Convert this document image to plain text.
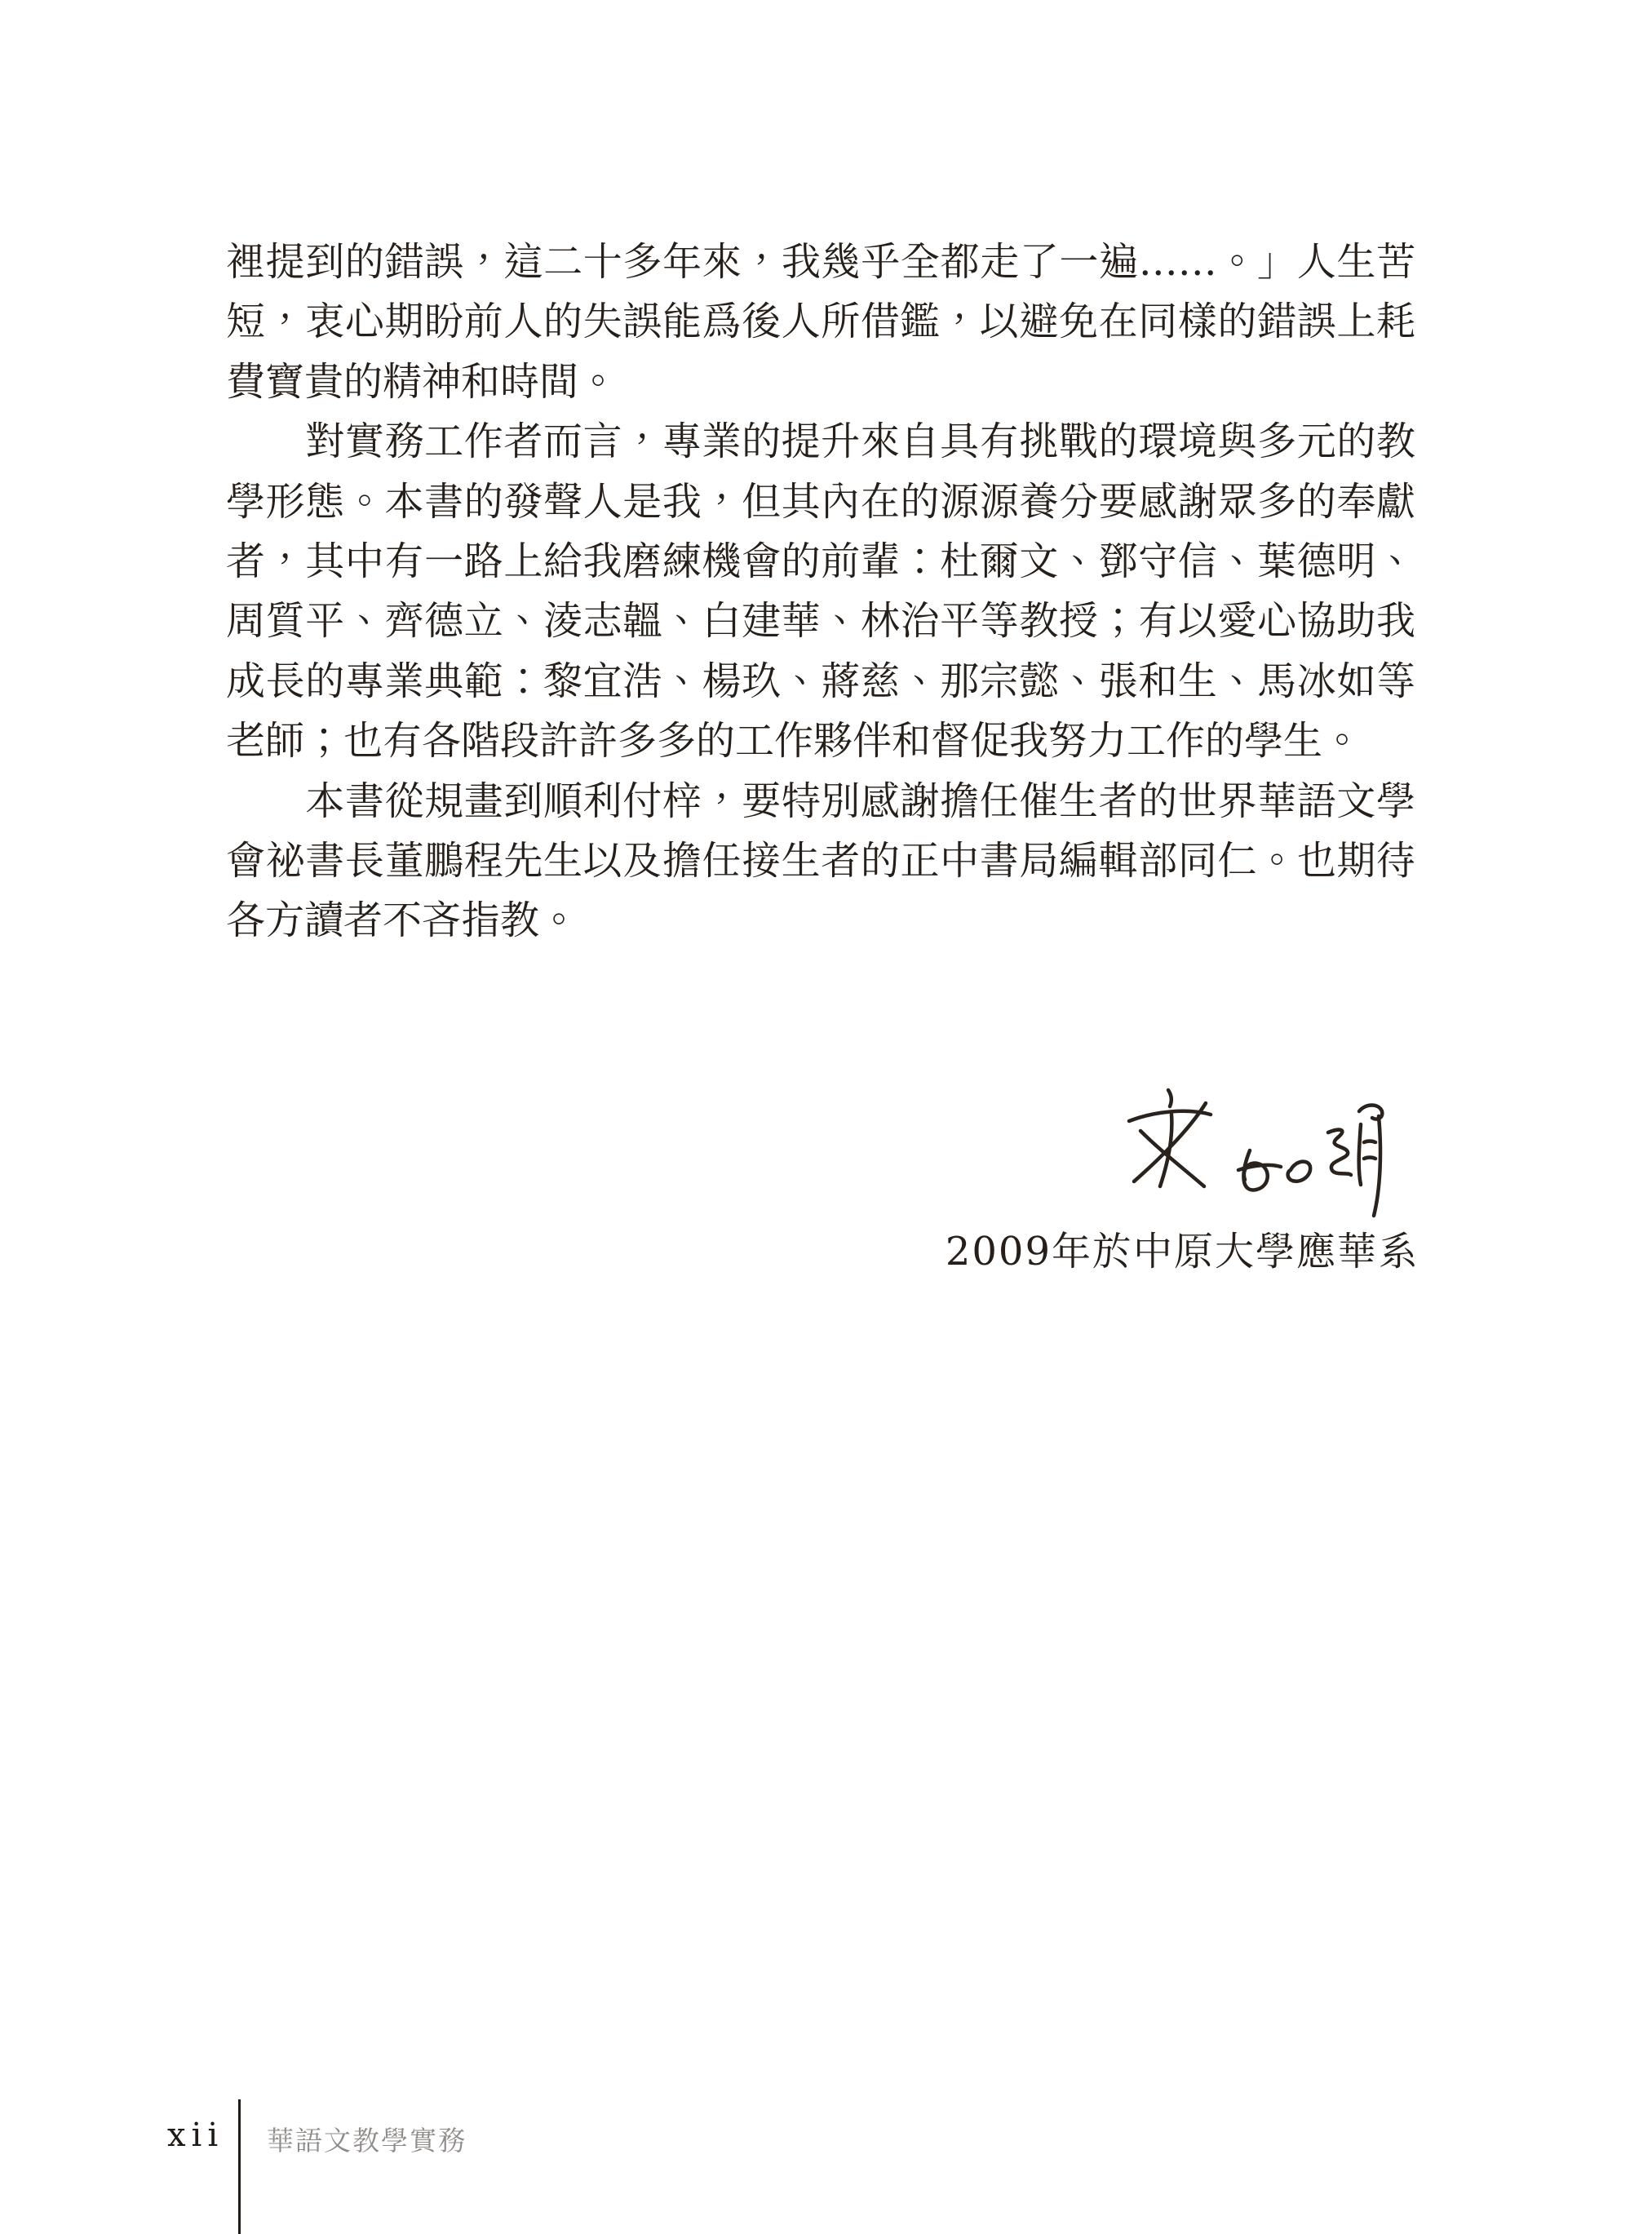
裡提到的錯誤，這二十多年來，我幾乎全都走了一遍……。」人生苦
短，衷心期盼前人的失誤能爲後人所借鑑，以避免在同樣的錯誤上耗
費寶貴的精神和時間。
　　對實務工作者而言，專業的提升來自具有挑戰的環境與多元的教
學形態。本書的發聲人是我，但其內在的源源養分要感謝眾多的奉獻
者，其中有一路上給我磨練機會的前輩：杜爾文、鄧守信、葉德明、
周質平、齊德立、淩志韞、白建華、林治平等教授；有以愛心協助我
成長的專業典範：黎宜浩、楊玖、蔣慈、那宗懿、張和生、馬冰如等
老師；也有各階段許許多多的工作夥伴和督促我努力工作的學生。
　　本書從規畫到順利付梓，要特別感謝擔任催生者的世界華語文學
會祕書長董鵬程先生以及擔任接生者的正中書局編輯部同仁。也期待
各方讀者不吝指教。
2009年於中原大學應華系
xii 華語文教學實務
